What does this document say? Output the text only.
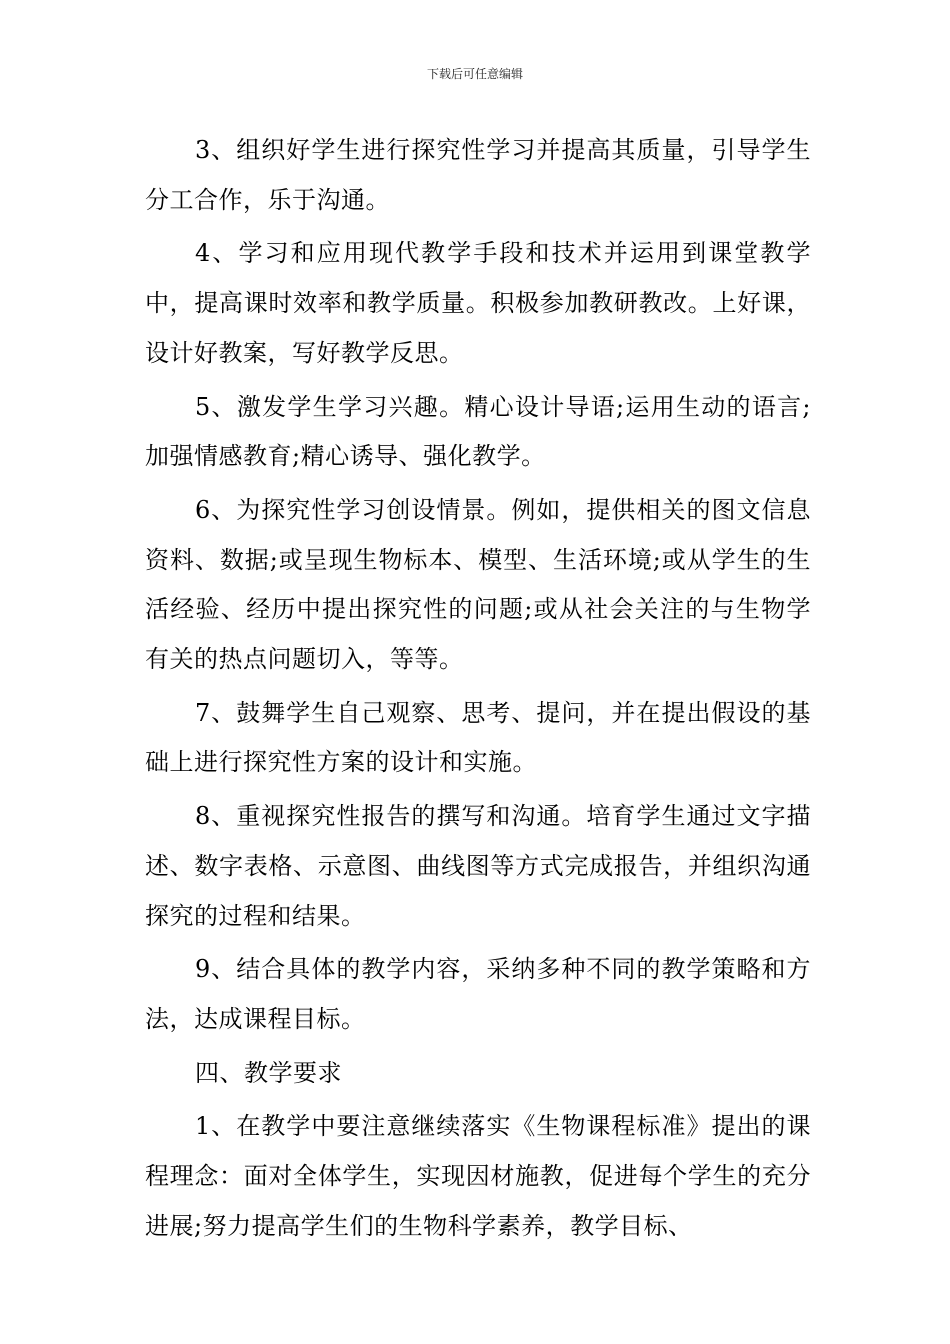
下载后可任意编辑

3、组织好学生进行探究性学习并提高其质量，引导学生分工合作，乐于沟通。

4、学习和应用现代教学手段和技术并运用到课堂教学中，提高课时效率和教学质量。积极参加教研教改。上好课，设计好教案，写好教学反思。

5、激发学生学习兴趣。精心设计导语;运用生动的语言;加强情感教育;精心诱导、强化教学。

6、为探究性学习创设情景。例如，提供相关的图文信息资料、数据;或呈现生物标本、模型、生活环境;或从学生的生活经验、经历中提出探究性的问题;或从社会关注的与生物学有关的热点问题切入，等等。

7、鼓舞学生自己观察、思考、提问，并在提出假设的基础上进行探究性方案的设计和实施。

8、重视探究性报告的撰写和沟通。培育学生通过文字描述、数字表格、示意图、曲线图等方式完成报告，并组织沟通探究的过程和结果。

9、结合具体的教学内容，采纳多种不同的教学策略和方法，达成课程目标。

四、教学要求

1、在教学中要注意继续落实《生物课程标准》提出的课程理念：面对全体学生，实现因材施教，促进每个学生的充分进展;努力提高学生们的生物科学素养，教学目标、
